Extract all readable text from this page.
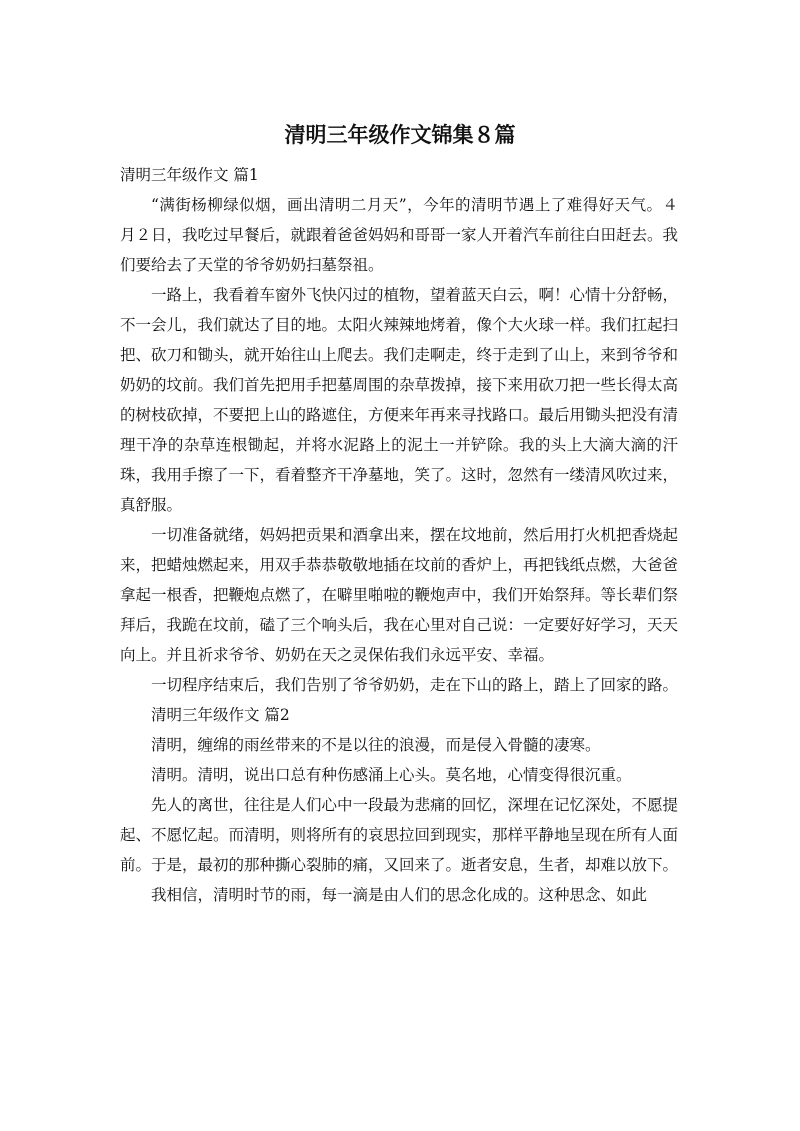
清明三年级作文锦集８篇

清明三年级作文 篇1

“满街杨柳绿似烟，画出清明二月天”，今年的清明节遇上了难得好天气。４月２日，我吃过早餐后，就跟着爸爸妈妈和哥哥一家人开着汽车前往白田赶去。我们要给去了天堂的爷爷奶奶扫墓祭祖。

一路上，我看着车窗外飞快闪过的植物，望着蓝天白云，啊！心情十分舒畅，不一会儿，我们就达了目的地。太阳火辣辣地烤着，像个大火球一样。我们扛起扫把、砍刀和锄头，就开始往山上爬去。我们走啊走，终于走到了山上，来到爷爷和奶奶的坟前。我们首先把用手把墓周围的杂草拨掉，接下来用砍刀把一些长得太高的树枝砍掉，不要把上山的路遮住，方便来年再来寻找路口。最后用锄头把没有清理干净的杂草连根锄起，并将水泥路上的泥土一并铲除。我的头上大滴大滴的汗珠，我用手擦了一下，看着整齐干净墓地，笑了。这时，忽然有一缕清风吹过来，真舒服。

一切准备就绪，妈妈把贡果和酒拿出来，摆在坟地前，然后用打火机把香烧起来，把蜡烛燃起来，用双手恭恭敬敬地插在坟前的香炉上，再把钱纸点燃，大爸爸拿起一根香，把鞭炮点燃了，在噼里啪啦的鞭炮声中，我们开始祭拜。等长辈们祭拜后，我跪在坟前，磕了三个响头后，我在心里对自己说：一定要好好学习，天天向上。并且祈求爷爷、奶奶在天之灵保佑我们永远平安、幸福。

一切程序结束后，我们告别了爷爷奶奶，走在下山的路上，踏上了回家的路。

清明三年级作文 篇2

清明，缠绵的雨丝带来的不是以往的浪漫，而是侵入骨髓的凄寒。

清明。清明，说出口总有种伤感涌上心头。莫名地，心情变得很沉重。

先人的离世，往往是人们心中一段最为悲痛的回忆，深埋在记忆深处，不愿提起、不愿忆起。而清明，则将所有的哀思拉回到现实，那样平静地呈现在所有人面前。于是，最初的那种撕心裂肺的痛，又回来了。逝者安息，生者，却难以放下。

我相信，清明时节的雨，每一滴是由人们的思念化成的。这种思念、如此
